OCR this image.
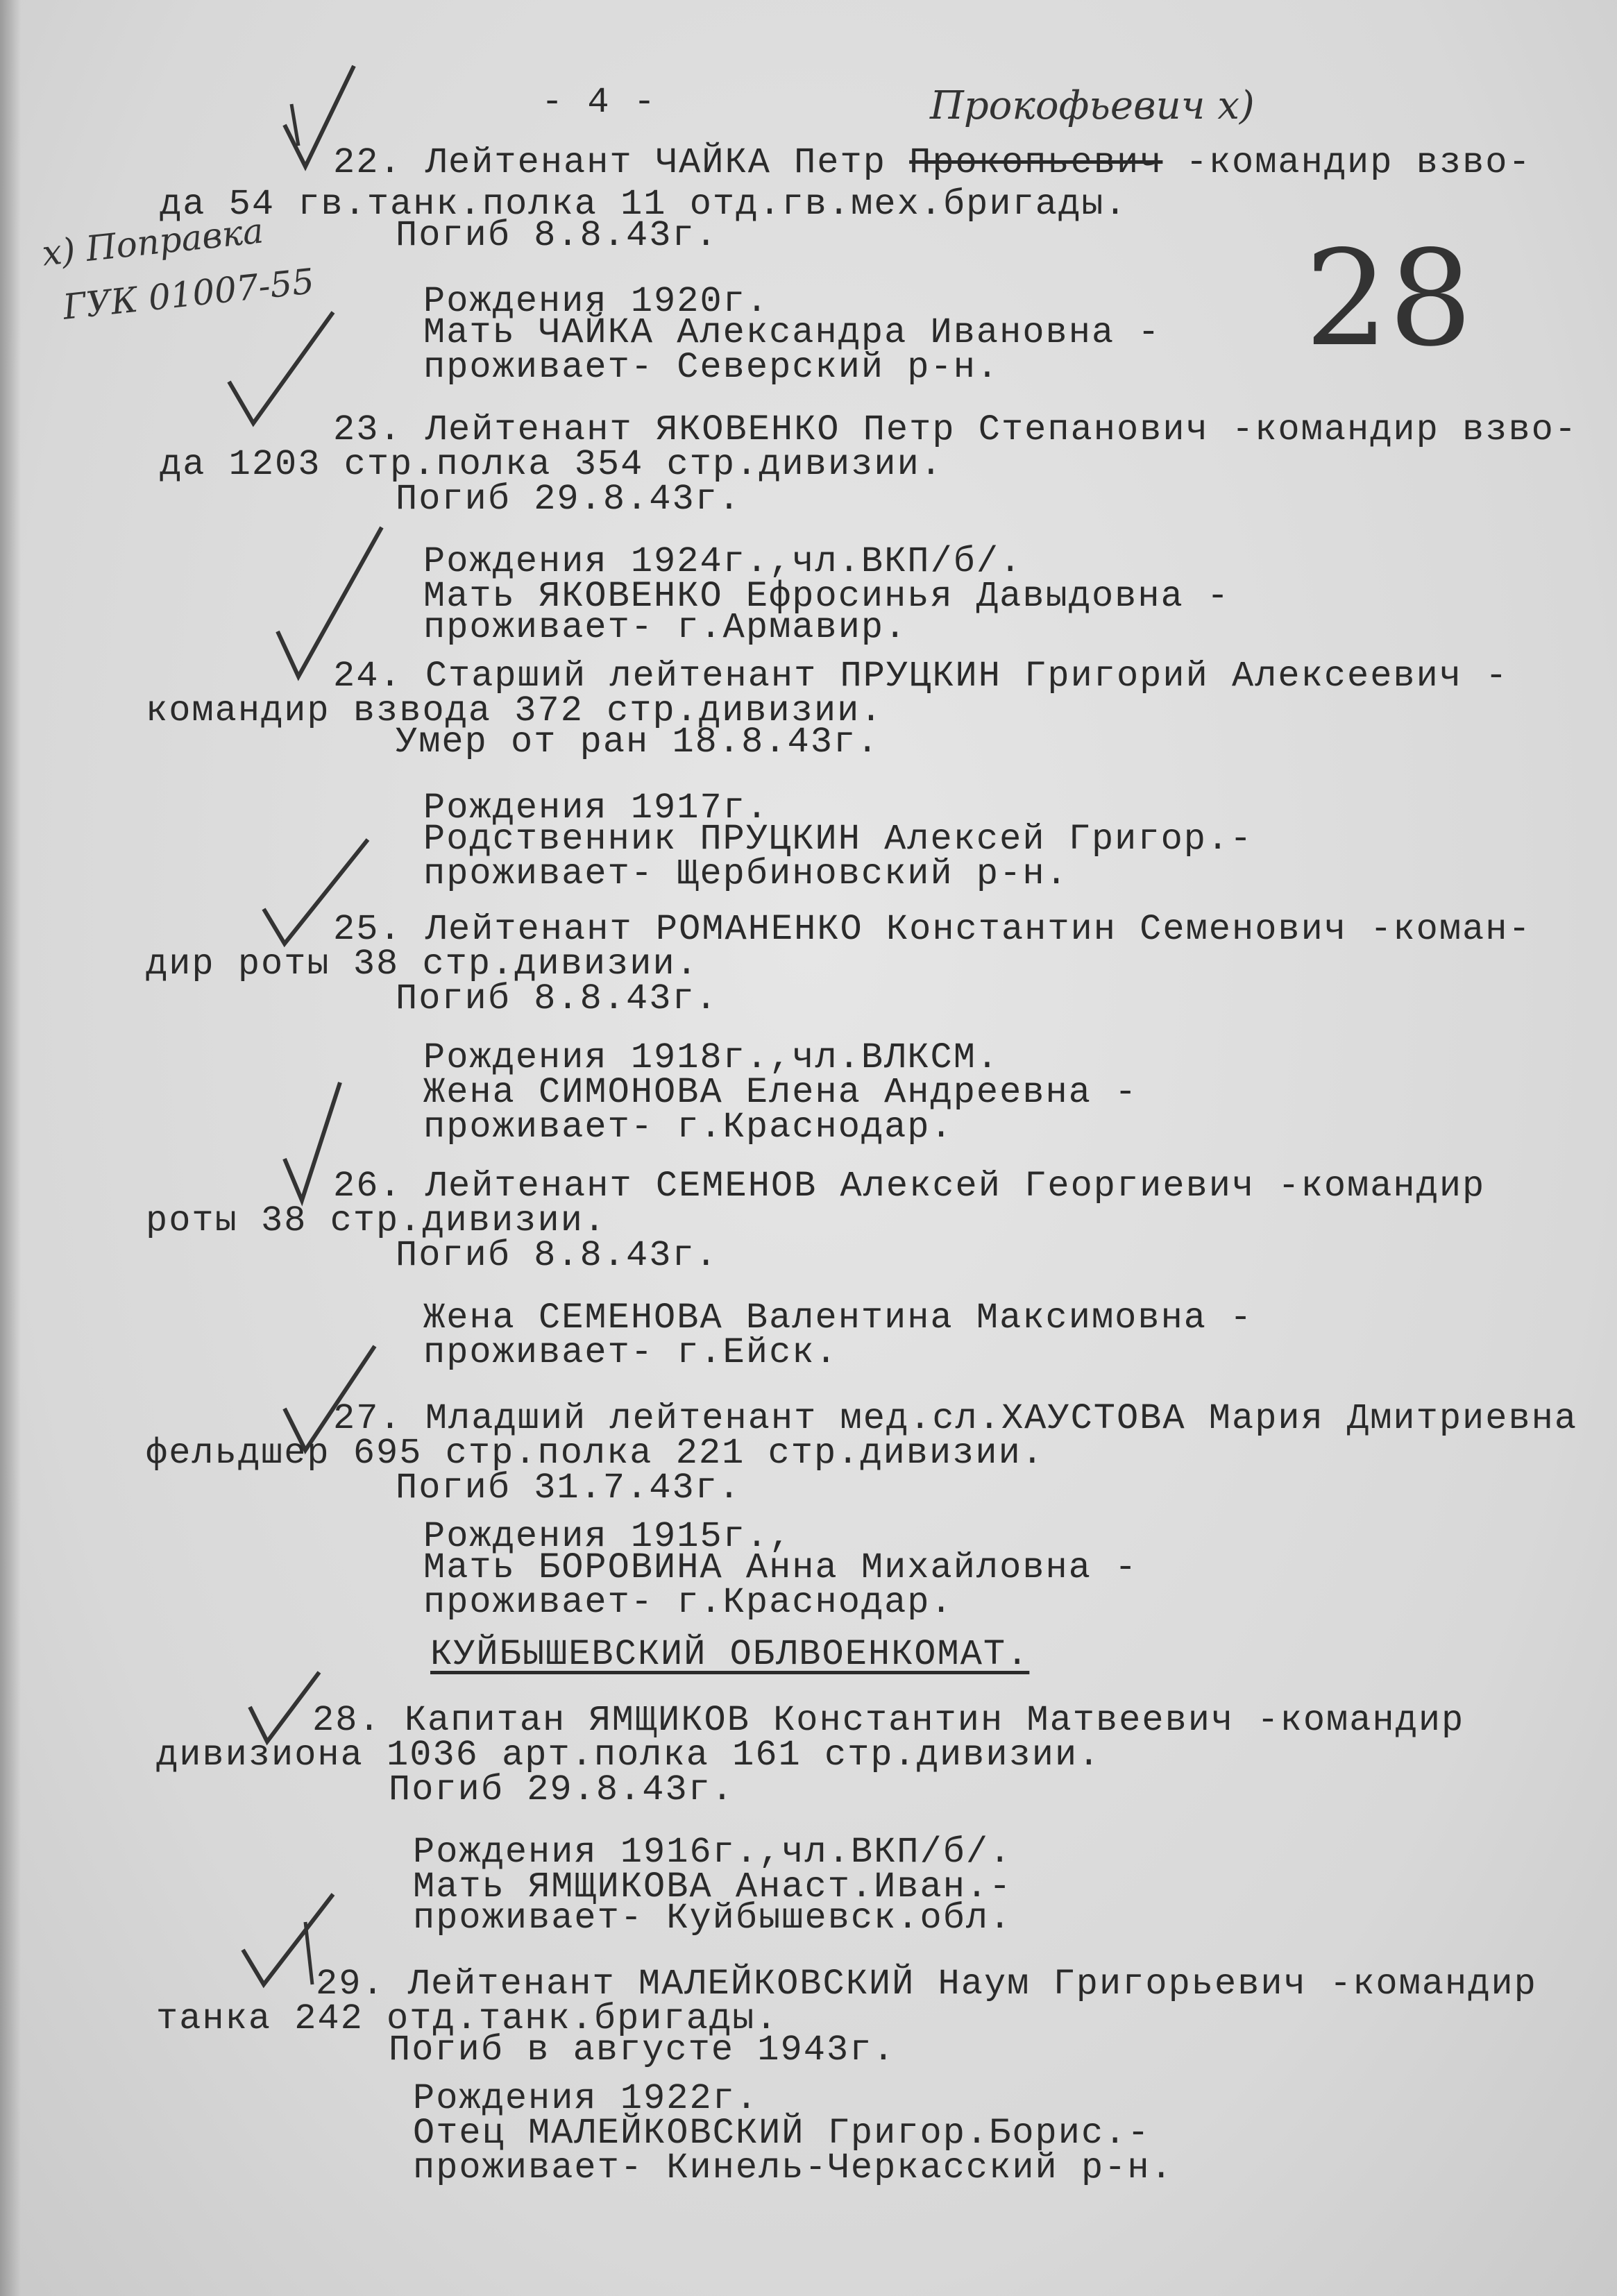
- 4 -	Прокофьевич х)
х) Поправка
ГУК 01007-55	28
22. Лейтенант ЧАЙКА Петр Прокопьевич -командир взво-
да 54 гв.танк.полка 11 отд.гв.мех.бригады.
Погиб 8.8.43г.
Рождения 1920г.
Мать ЧАЙКА Александра Ивановна -
проживает- Северский р-н.
23. Лейтенант ЯКОВЕНКО Петр Степанович -командир взво-
да 1203 стр.полка 354 стр.дивизии.
Погиб 29.8.43г.
Рождения 1924г.,чл.ВКП/б/.
Мать ЯКОВЕНКО Ефросинья Давыдовна -
проживает- г.Армавир.
24. Старший лейтенант ПРУЦКИН Григорий Алексеевич -
командир взвода 372 стр.дивизии.
Умер от ран 18.8.43г.
Рождения 1917г.
Родственник ПРУЦКИН Алексей Григор.-
проживает- Щербиновский р-н.
25. Лейтенант РОМАНЕНКО Константин Семенович -коман-
дир роты 38 стр.дивизии.
Погиб 8.8.43г.
Рождения 1918г.,чл.ВЛКСМ.
Жена СИМОНОВА Елена Андреевна -
проживает- г.Краснодар.
26. Лейтенант СЕМЕНОВ Алексей Георгиевич -командир
роты 38 стр.дивизии.
Погиб 8.8.43г.
Жена СЕМЕНОВА Валентина Максимовна -
проживает- г.Ейск.
27. Младший лейтенант мед.сл.ХАУСТОВА Мария Дмитриевна
фельдшер 695 стр.полка 221 стр.дивизии.
Погиб 31.7.43г.
Рождения 1915г.,
Мать БОРОВИНА Анна Михайловна -
проживает- г.Краснодар.
КУЙБЫШЕВСКИЙ ОБЛВОЕНКОМАТ.
28. Капитан ЯМЩИКОВ Константин Матвеевич -командир
дивизиона 1036 арт.полка 161 стр.дивизии.
Погиб 29.8.43г.
Рождения 1916г.,чл.ВКП/б/.
Мать ЯМЩИКОВА Анаст.Иван.-
проживает- Куйбышевск.обл.
29. Лейтенант МАЛЕЙКОВСКИЙ Наум Григорьевич -командир
танка 242 отд.танк.бригады.
Погиб в августе 1943г.
Рождения 1922г.
Отец МАЛЕЙКОВСКИЙ Григор.Борис.-
проживает- Кинель-Черкасский р-н.
